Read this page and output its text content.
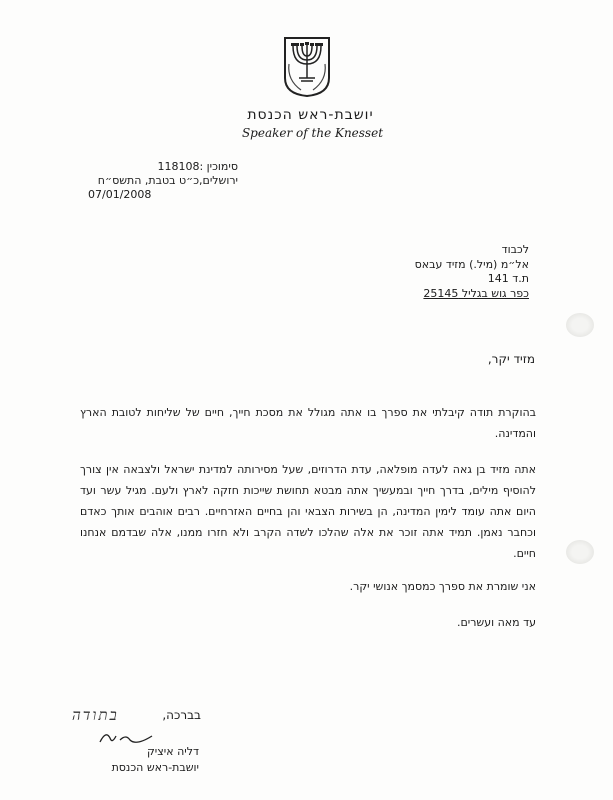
יושבת-ראש הכנסת
Speaker of the Knesset
סימוכין :118108
ירושלים,כ״ט בטבת, התשס״ח
07/01/2008
לכבוד
אל״מ (מיל.) מזיד עבאס
ת.ד 141
כפר גוש בגליל 25145
מזיד יקר,
בהוקרת תודה קיבלתי את ספרך בו אתה מגולל את מסכת חייך, חיים של שליחות לטובת הארץ והמדינה.
אתה מזיד בן גאה לעדה מופלאה, עדת הדרוזים, שעל מסירותה למדינת ישראל ולצבאה אין צורך להוסיף מילים, בדרך חייך ובמעשיך אתה מבטא תחושת שייכות חזקה לארץ ולעם. מגיל עשר ועד היום אתה עומד לימין המדינה, הן בשירות הצבאי והן בחיים האזרחיים. רבים אוהבים אותך כאדם וכחבר נאמן. תמיד אתה זוכר את אלה שהלכו לשדה הקרב ולא חזרו ממנו, אלה שבדמם אנחנו חיים.
אני שומרת את ספרך כמסמך אנושי יקר.
עד מאה ועשרים.
בברכה,
בתודה
דליה איציק
יושבת-ראש הכנסת
